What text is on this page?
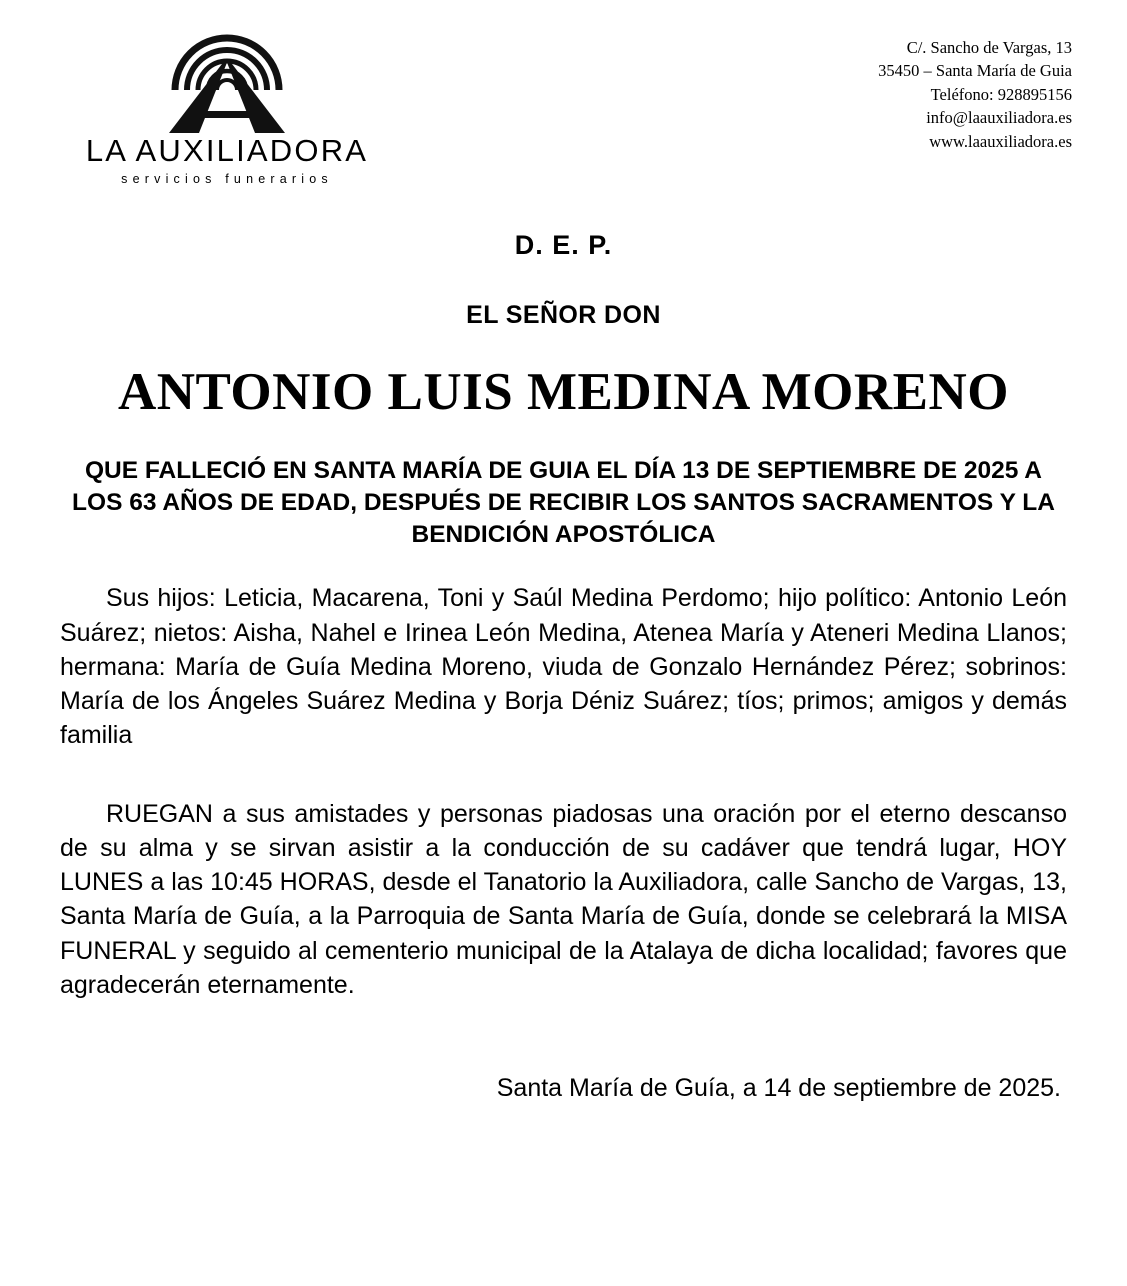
LA AUXILIADORA
servicios funerarios
C/. Sancho de Vargas, 13
35450 – Santa María de Guia
Teléfono: 928895156
info@laauxiliadora.es
www.laauxiliadora.es
D. E. P.
EL SEÑOR DON
ANTONIO LUIS MEDINA MORENO
QUE FALLECIÓ EN SANTA MARÍA DE GUIA EL DÍA 13 DE SEPTIEMBRE DE 2025 A LOS 63 AÑOS DE EDAD, DESPUÉS DE RECIBIR LOS SANTOS SACRAMENTOS Y LA BENDICIÓN APOSTÓLICA
Sus hijos: Leticia, Macarena, Toni y Saúl Medina Perdomo; hijo político: Antonio León Suárez; nietos: Aisha, Nahel e Irinea León Medina, Atenea María y Ateneri Medina Llanos; hermana: María de Guía Medina Moreno, viuda de Gonzalo Hernández Pérez; sobrinos: María de los Ángeles Suárez Medina y Borja Déniz Suárez; tíos; primos; amigos y demás familia
RUEGAN a sus amistades y personas piadosas una oración por el eterno descanso de su alma y se sirvan asistir a la conducción de su cadáver que tendrá lugar, HOY LUNES a las 10:45 HORAS, desde el Tanatorio la Auxiliadora, calle Sancho de Vargas, 13, Santa María de Guía, a la Parroquia de Santa María de Guía, donde se celebrará la MISA FUNERAL y seguido al cementerio municipal de la Atalaya de dicha localidad; favores que agradecerán eternamente.
Santa María de Guía, a 14 de septiembre de 2025.
